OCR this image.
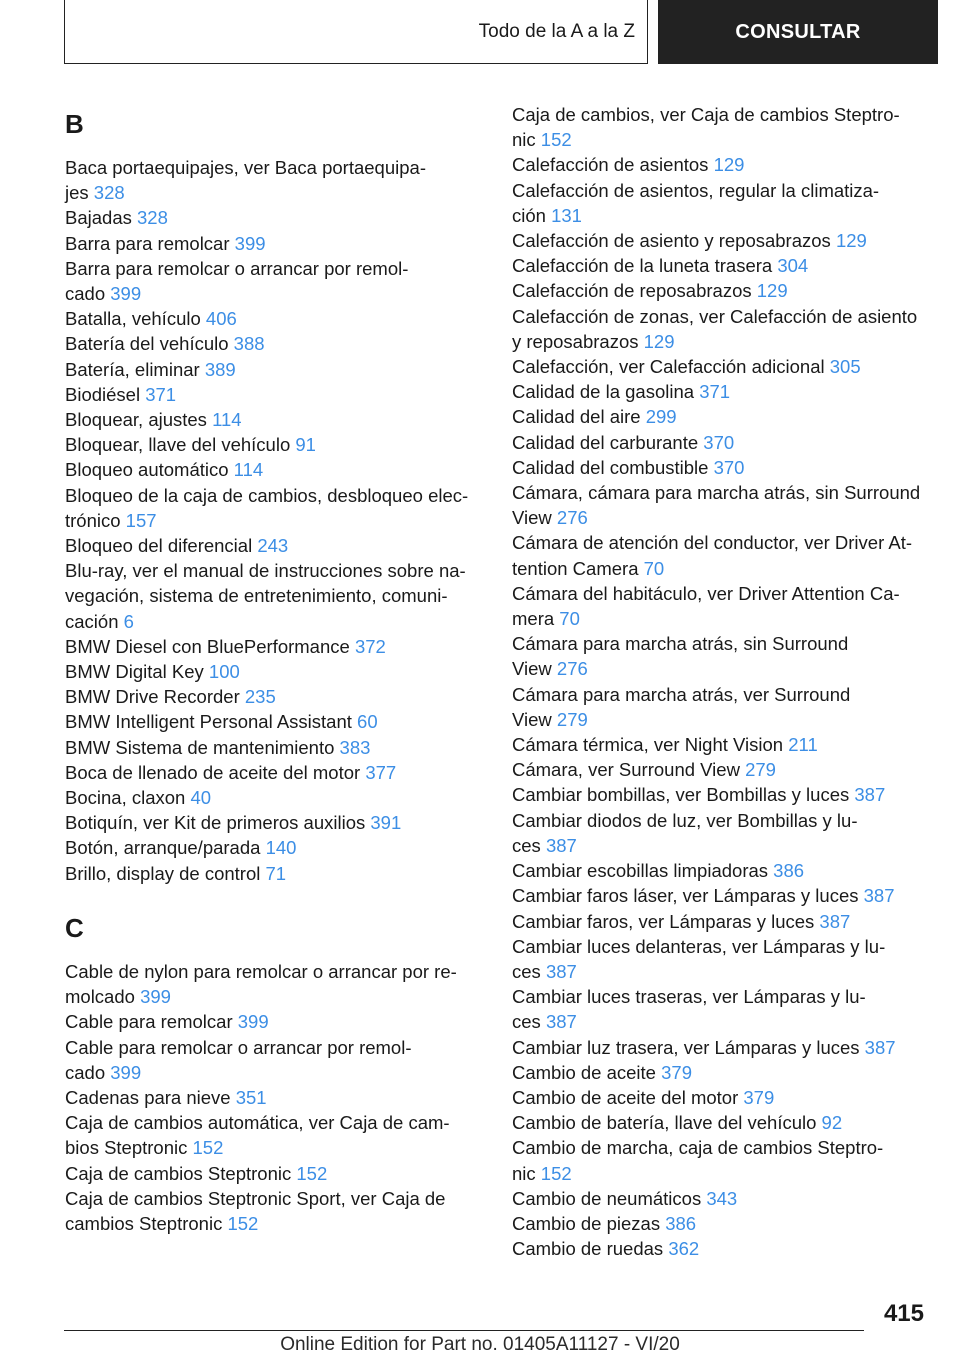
Todo de la A a la Z	CONSULTAR
B
Baca portaequipajes, ver Baca portaequipa-
jes 328
Bajadas 328
Barra para remolcar 399
Barra para remolcar o arrancar por remol-
cado 399
Batalla, vehículo 406
Batería del vehículo 388
Batería, eliminar 389
Biodiésel 371
Bloquear, ajustes 114
Bloquear, llave del vehículo 91
Bloqueo automático 114
Bloqueo de la caja de cambios, desbloqueo elec-
trónico 157
Bloqueo del diferencial 243
Blu-ray, ver el manual de instrucciones sobre na-
vegación, sistema de entretenimiento, comuni-
cación 6
BMW Diesel con BluePerformance 372
BMW Digital Key 100
BMW Drive Recorder 235
BMW Intelligent Personal Assistant 60
BMW Sistema de mantenimiento 383
Boca de llenado de aceite del motor 377
Bocina, claxon 40
Botiquín, ver Kit de primeros auxilios 391
Botón, arranque/parada 140
Brillo, display de control 71
C
Cable de nylon para remolcar o arrancar por re-
molcado 399
Cable para remolcar 399
Cable para remolcar o arrancar por remol-
cado 399
Cadenas para nieve 351
Caja de cambios automática, ver Caja de cam-
bios Steptronic 152
Caja de cambios Steptronic 152
Caja de cambios Steptronic Sport, ver Caja de
cambios Steptronic 152
Caja de cambios, ver Caja de cambios Steptro-
nic 152
Calefacción de asientos 129
Calefacción de asientos, regular la climatiza-
ción 131
Calefacción de asiento y reposabrazos 129
Calefacción de la luneta trasera 304
Calefacción de reposabrazos 129
Calefacción de zonas, ver Calefacción de asiento
y reposabrazos 129
Calefacción, ver Calefacción adicional 305
Calidad de la gasolina 371
Calidad del aire 299
Calidad del carburante 370
Calidad del combustible 370
Cámara, cámara para marcha atrás, sin Surround
View 276
Cámara de atención del conductor, ver Driver At-
tention Camera 70
Cámara del habitáculo, ver Driver Attention Ca-
mera 70
Cámara para marcha atrás, sin Surround
View 276
Cámara para marcha atrás, ver Surround
View 279
Cámara térmica, ver Night Vision 211
Cámara, ver Surround View 279
Cambiar bombillas, ver Bombillas y luces 387
Cambiar diodos de luz, ver Bombillas y lu-
ces 387
Cambiar escobillas limpiadoras 386
Cambiar faros láser, ver Lámparas y luces 387
Cambiar faros, ver Lámparas y luces 387
Cambiar luces delanteras, ver Lámparas y lu-
ces 387
Cambiar luces traseras, ver Lámparas y lu-
ces 387
Cambiar luz trasera, ver Lámparas y luces 387
Cambio de aceite 379
Cambio de aceite del motor 379
Cambio de batería, llave del vehículo 92
Cambio de marcha, caja de cambios Steptro-
nic 152
Cambio de neumáticos 343
Cambio de piezas 386
Cambio de ruedas 362
415
Online Edition for Part no. 01405A11127 - VI/20
